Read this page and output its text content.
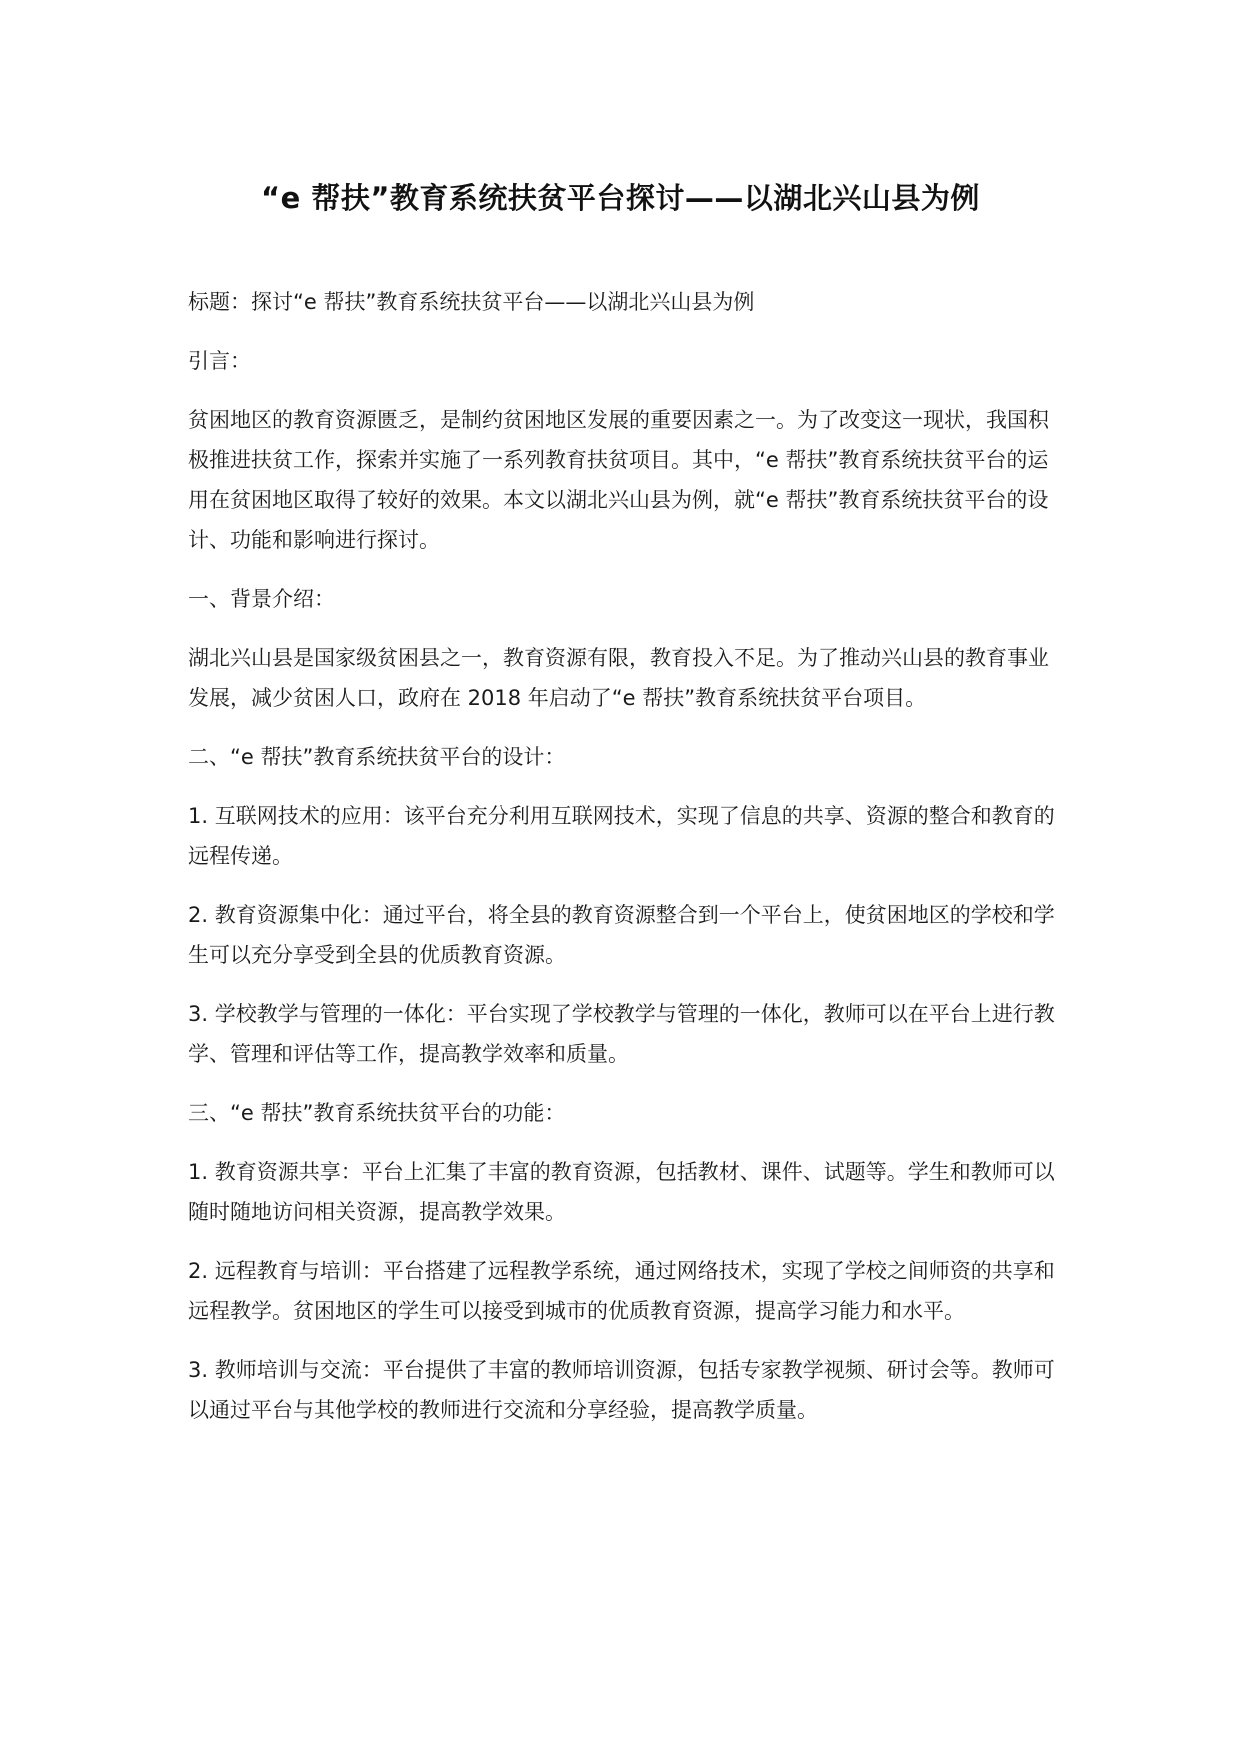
“e 帮扶”教育系统扶贫平台探讨——以湖北兴山县为例

标题：探讨“e 帮扶”教育系统扶贫平台——以湖北兴山县为例

引言：

贫困地区的教育资源匮乏，是制约贫困地区发展的重要因素之一。为了改变这一现状，我国积极推进扶贫工作，探索并实施了一系列教育扶贫项目。其中，“e 帮扶”教育系统扶贫平台的运用在贫困地区取得了较好的效果。本文以湖北兴山县为例，就“e 帮扶”教育系统扶贫平台的设计、功能和影响进行探讨。

一、背景介绍：

湖北兴山县是国家级贫困县之一，教育资源有限，教育投入不足。为了推动兴山县的教育事业发展，减少贫困人口，政府在 2018 年启动了“e 帮扶”教育系统扶贫平台项目。

二、“e 帮扶”教育系统扶贫平台的设计：

1. 互联网技术的应用：该平台充分利用互联网技术，实现了信息的共享、资源的整合和教育的远程传递。

2. 教育资源集中化：通过平台，将全县的教育资源整合到一个平台上，使贫困地区的学校和学生可以充分享受到全县的优质教育资源。

3. 学校教学与管理的一体化：平台实现了学校教学与管理的一体化，教师可以在平台上进行教学、管理和评估等工作，提高教学效率和质量。

三、“e 帮扶”教育系统扶贫平台的功能：

1. 教育资源共享：平台上汇集了丰富的教育资源，包括教材、课件、试题等。学生和教师可以随时随地访问相关资源，提高教学效果。

2. 远程教育与培训：平台搭建了远程教学系统，通过网络技术，实现了学校之间师资的共享和远程教学。贫困地区的学生可以接受到城市的优质教育资源，提高学习能力和水平。

3. 教师培训与交流：平台提供了丰富的教师培训资源，包括专家教学视频、研讨会等。教师可以通过平台与其他学校的教师进行交流和分享经验，提高教学质量。
